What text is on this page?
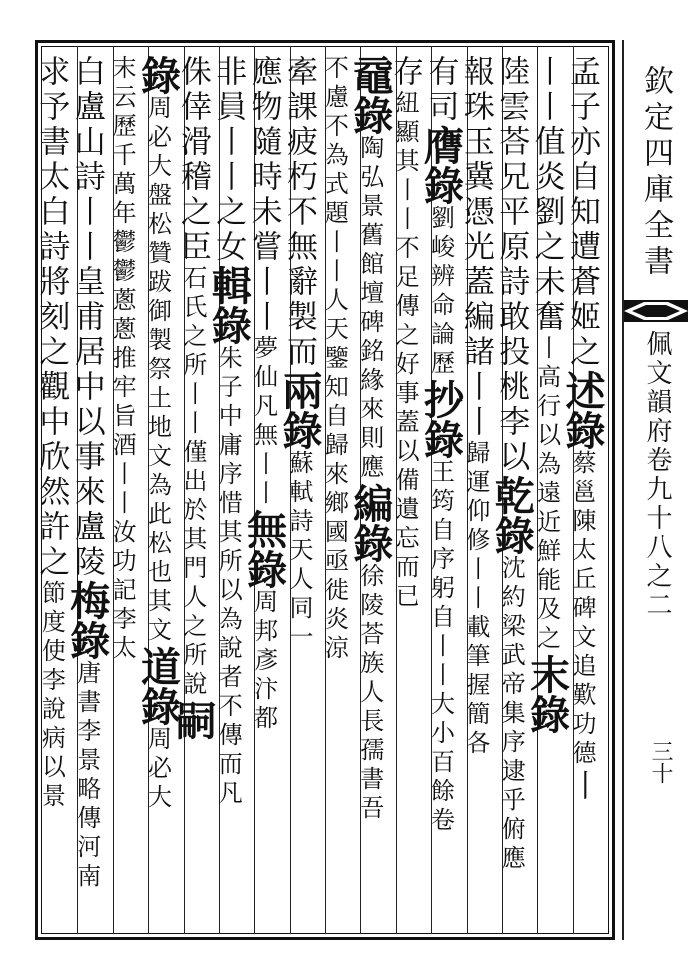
孟子亦自知遭蒼姬之述錄蔡邕陳太丘碑文追歎功德丨
丨丨值炎劉之未奮丨高行以為遠近鮮能及之末錄
陸雲荅兄平原詩敢投桃李以乾錄沈約梁武帝集序逮乎俯應
報珠玉冀憑光蓋編諸丨丨歸運仰修丨丨載筆握簡各
有司膺錄劉峻辨命論歷抄錄王筠自序躬自丨丨大小百餘卷
存紐顯其丨丨不足傳之好事蓋以備遺忘而已
黿錄陶弘景舊館壇碑銘緣來則應編錄徐陵荅族人長孺書吾
不慮不為式題丨丨人天鑒知自歸來鄉國亟徙炎涼
牽課疲朽不無辭製而兩錄蘇軾詩天人同一
應物隨時未嘗丨丨夢仙凡無丨丨無錄周邦彥汴都
非員丨丨之女輯錄朱子中庸序惜其所以為說者不傳而凡
侏倖滑稽之臣石氏之所丨丨僅出於其門人之所說嗣
錄周必大盤松贊跋御製祭土地文為此松也其文道錄周必大
末云歷千萬年鬱鬱蔥蔥推牢旨酒丨丨汝功記李太
白盧山詩丨丨皇甫居中以事來盧陵梅錄唐書李景略傳河南
求予書太白詩將刻之觀中欣然許之節度使李說病以景
欽定四庫全書
佩文韻府卷九十八之二
三十
